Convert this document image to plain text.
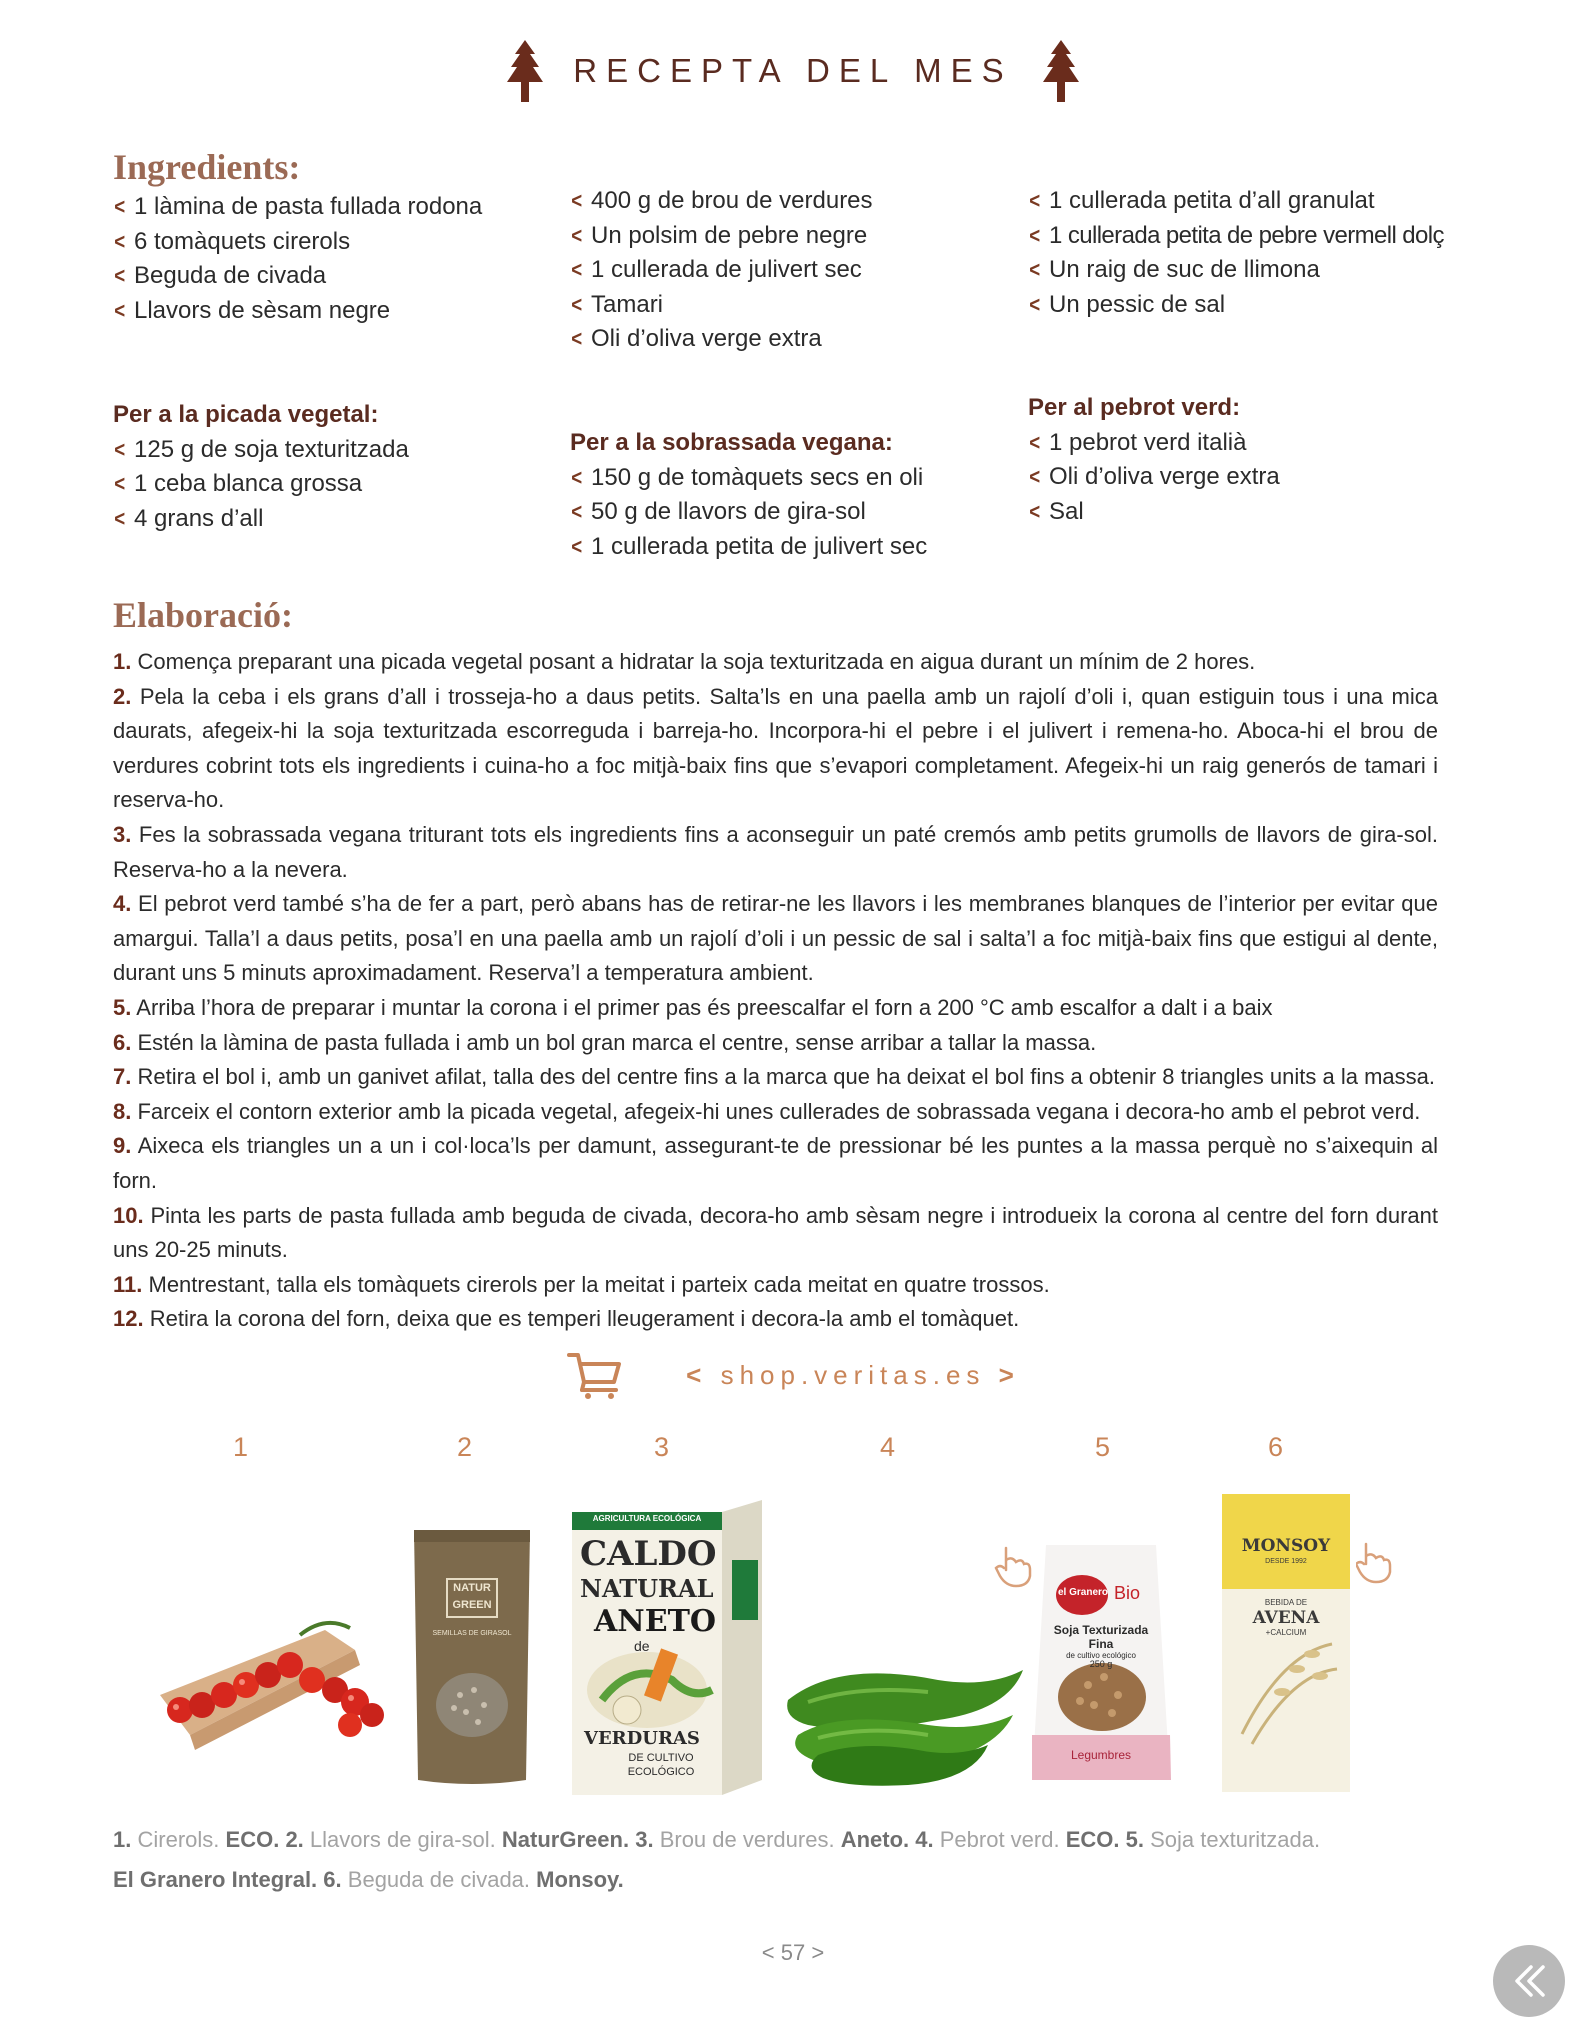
RECEPTA DEL MES
Ingredients:
< 1 làmina de pasta fullada rodona
< 6 tomàquets cirerols
< Beguda de civada
< Llavors de sèsam negre
< 400 g de brou de verdures
< Un polsim de pebre negre
< 1 cullerada de julivert sec
< Tamari
< Oli d’oliva verge extra
< 1 cullerada petita d’all granulat
< 1 cullerada petita de pebre vermell dolç
< Un raig de suc de llimona
< Un pessic de sal
Per a la picada vegetal:
< 125 g de soja texturitzada
< 1 ceba blanca grossa
< 4 grans d’all
Per a la sobrassada vegana:
< 150 g de tomàquets secs en oli
< 50 g de llavors de gira-sol
< 1 cullerada petita de julivert sec
Per al pebrot verd:
< 1 pebrot verd italià
< Oli d’oliva verge extra
< Sal
Elaboració:

1. Comença preparant una picada vegetal posant a hidratar la soja texturitzada en aigua durant un mínim de 2 hores.

2. Pela la ceba i els grans d’all i trosseja-ho a daus petits. Salta’ls en una paella amb un rajolí d’oli i, quan estiguin tous i una mica daurats, afegeix-hi la soja texturitzada escorreguda i barreja-ho. Incorpora-hi el pebre i el julivert i remena-ho. Aboca-hi el brou de verdures cobrint tots els ingredients i cuina-ho a foc mitjà-baix fins que s’evapori completament. Afegeix-hi un raig generós de tamari i reserva-ho.

3. Fes la sobrassada vegana triturant tots els ingredients fins a aconseguir un paté cremós amb petits grumolls de llavors de gira-sol. Reserva-ho a la nevera.

4. El pebrot verd també s’ha de fer a part, però abans has de retirar-ne les llavors i les membranes blanques de l’interior per evitar que amargui. Talla’l a daus petits, posa’l en una paella amb un rajolí d’oli i un pessic de sal i salta’l a foc mitjà-baix fins que estigui al dente, durant uns 5 minuts aproximadament. Reserva’l a temperatura ambient.

5. Arriba l’hora de preparar i muntar la corona i el primer pas és preescalfar el forn a 200 °C amb escalfor a dalt i a baix

6. Estén la làmina de pasta fullada i amb un bol gran marca el centre, sense arribar a tallar la massa.

7. Retira el bol i, amb un ganivet afilat, talla des del centre fins a la marca que ha deixat el bol fins a obtenir 8 triangles units a la massa.

8. Farceix el contorn exterior amb la picada vegetal, afegeix-hi unes cullerades de sobrassada vegana i decora-ho amb el pebrot verd.

9. Aixeca els triangles un a un i col·loca’ls per damunt, assegurant-te de pressionar bé les puntes a la massa perquè no s’aixequin al forn.

10. Pinta les parts de pasta fullada amb beguda de civada, decora-ho amb sèsam negre i introdueix la corona al centre del forn durant uns 20-25 minuts.

11. Mentrestant, talla els tomàquets cirerols per la meitat i parteix cada meitat en quatre trossos.

12. Retira la corona del forn, deixa que es temperi lleugerament i decora-la amb el tomàquet.

< shop.veritas.es >
1	2	3	4	5	6
NATUR
GREEN
SEMILLAS DE GIRASOL
AGRICULTURA ECOLÓGICA
CALDO
NATURAL
ANETO
de
VERDURAS
DE CULTIVO
ECOLÓGICO
el Granero Bio
Soja Texturizada
Fina
de cultivo ecológico
250 g
Legumbres
MONSOY
DESDE 1992
BEBIDA DE
AVENA
+CALCIUM
1. Cirerols. ECO. 2. Llavors de gira-sol. NaturGreen. 3. Brou de verdures. Aneto. 4. Pebrot verd. ECO. 5. Soja texturitzada.
El Granero Integral. 6. Beguda de civada. Monsoy.
< 57 >
